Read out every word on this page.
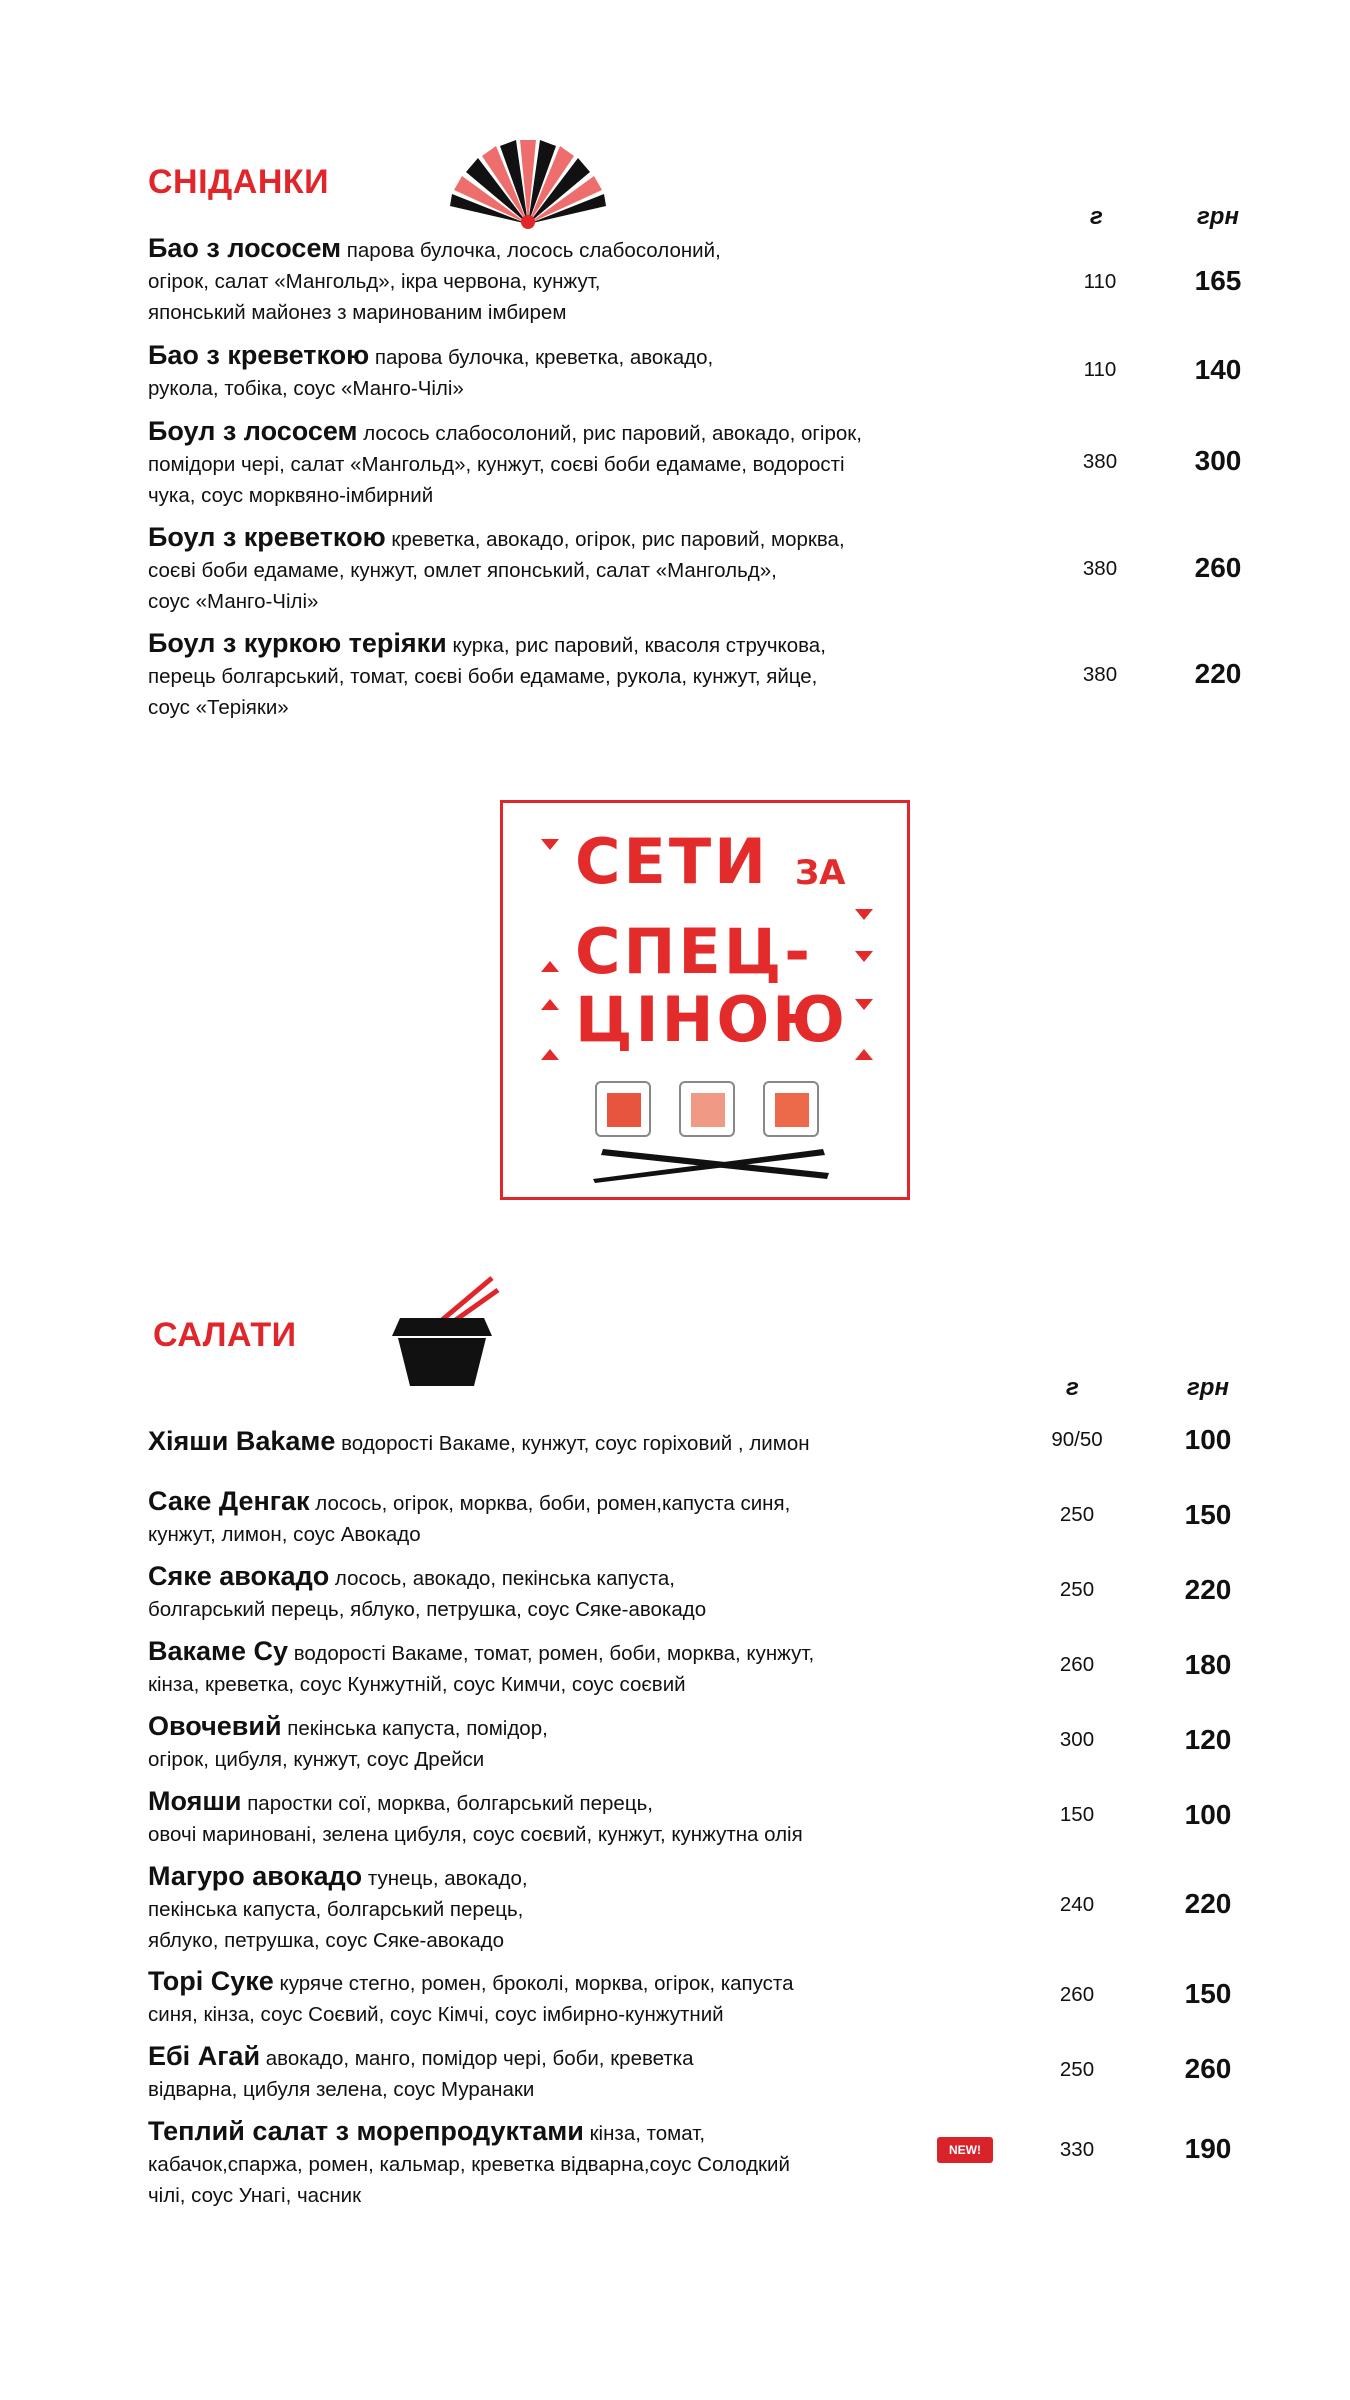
СНІДАНКИ
г	грн
Бао з лососем парова булочка, лосось слабосолоний,
огірок, салат «Мангольд», ікра червона, кунжут,
японський майонез з маринованим імбирем
110	165
Бао з креветкою парова булочка, креветка, авокадо,
рукола, тобіка, соус «Манго-Чілі»
110	140
Боул з лососем лосось слабосолоний, рис паровий, авокадо, огірок,
помідори чері, салат «Мангольд», кунжут, соєві боби едамаме, водорості
чука, соус морквяно-імбирний
380	300
Боул з креветкою креветка, авокадо, огірок, рис паровий, морква,
соєві боби едамаме, кунжут, омлет японський, салат «Мангольд»,
соус «Манго-Чілі»
380	260
Боул з куркою теріяки курка, рис паровий, квасоля стручкова,
перець болгарський, томат, соєві боби едамаме, рукола, кунжут, яйце,
соус «Теріяки»
380	220
СЕТИ ЗА
СПЕЦ-
ЦІНОЮ
САЛАТИ
г	грн
Хіяши Ваkаме водорості Вакаме, кунжут, соус горіховий , лимон	90/50	100
Саке Денгак лосось, огірок, морква, боби, ромен,капуста синя,
кунжут, лимон, соус Авокадо
250	150
Сяке авокадо лосось, авокадо, пекінська капуста,
болгарський перець, яблуко, петрушка, соус Сяке-авокадо
250	220
Вакаме Су водорості Вакаме, томат, ромен, боби, морква, кунжут,
кінза, креветка, соус Кунжутній, соус Кимчи, соус соєвий
260	180
Овочевий пекінська капуста, помідор,
огірок, цибуля, кунжут, соус Дрейси
300	120
Мояши паростки сої, морква, болгарський перець,
овочі мариновані, зелена цибуля, соус соєвий, кунжут, кунжутна олія
150	100
Магуро авокадо тунець, авокадо,
пекінська капуста, болгарський перець,
яблуко, петрушка, соус Сяке-авокадо
240	220
Торі Суке куряче стегно, ромен, броколі, морква, огірок, капуста
синя, кінза, соус Соєвий, соус Кімчі, соус імбирно-кунжутний
260	150
Ебі Агай авокадо, манго, помідор чері, боби, креветка
відварна, цибуля зелена, соус Муранаки
250	260
Теплий салат з морепродуктами кінза, томат,
кабачок,спаржа, ромен, кальмар, креветка відварна,соус Солодкий
чілі, соус Унагі, часник
NEW!	330	190
